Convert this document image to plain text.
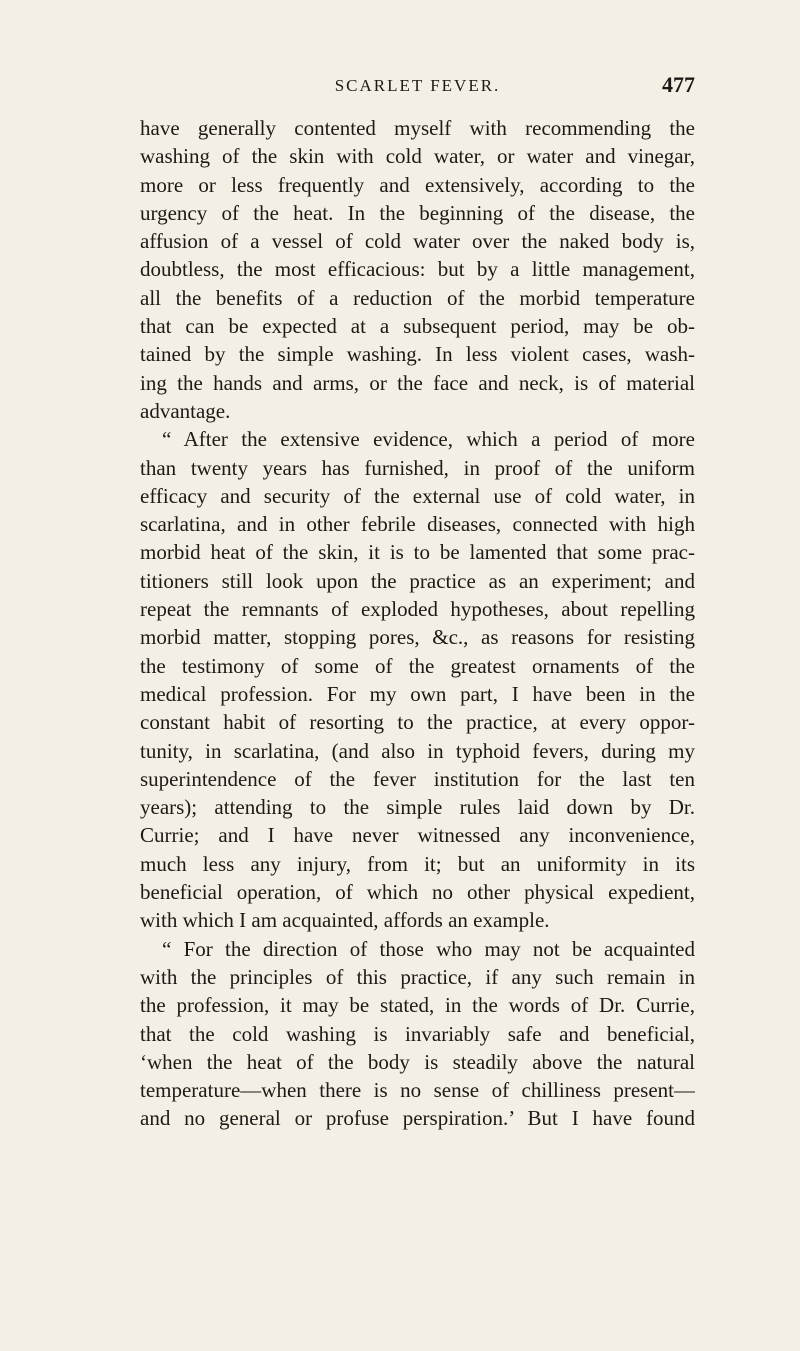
SCARLET FEVER.	477
have generally contented myself with recommending the
washing of the skin with cold water, or water and vinegar,
more or less frequently and extensively, according to the
urgency of the heat. In the beginning of the disease, the
affusion of a vessel of cold water over the naked body is,
doubtless, the most efficacious: but by a little management,
all the benefits of a reduction of the morbid temperature
that can be expected at a subsequent period, may be ob-
tained by the simple washing. In less violent cases, wash-
ing the hands and arms, or the face and neck, is of material
advantage.
“ After the extensive evidence, which a period of more
than twenty years has furnished, in proof of the uniform
efficacy and security of the external use of cold water, in
scarlatina, and in other febrile diseases, connected with high
morbid heat of the skin, it is to be lamented that some prac-
titioners still look upon the practice as an experiment; and
repeat the remnants of exploded hypotheses, about repelling
morbid matter, stopping pores, &c., as reasons for resisting
the testimony of some of the greatest ornaments of the
medical profession. For my own part, I have been in the
constant habit of resorting to the practice, at every oppor-
tunity, in scarlatina, (and also in typhoid fevers, during my
superintendence of the fever institution for the last ten
years); attending to the simple rules laid down by Dr.
Currie; and I have never witnessed any inconvenience,
much less any injury, from it; but an uniformity in its
beneficial operation, of which no other physical expedient,
with which I am acquainted, affords an example.
“ For the direction of those who may not be acquainted
with the principles of this practice, if any such remain in
the profession, it may be stated, in the words of Dr. Currie,
that the cold washing is invariably safe and beneficial,
‘when the heat of the body is steadily above the natural
temperature—when there is no sense of chilliness present—
and no general or profuse perspiration.’ But I have found
